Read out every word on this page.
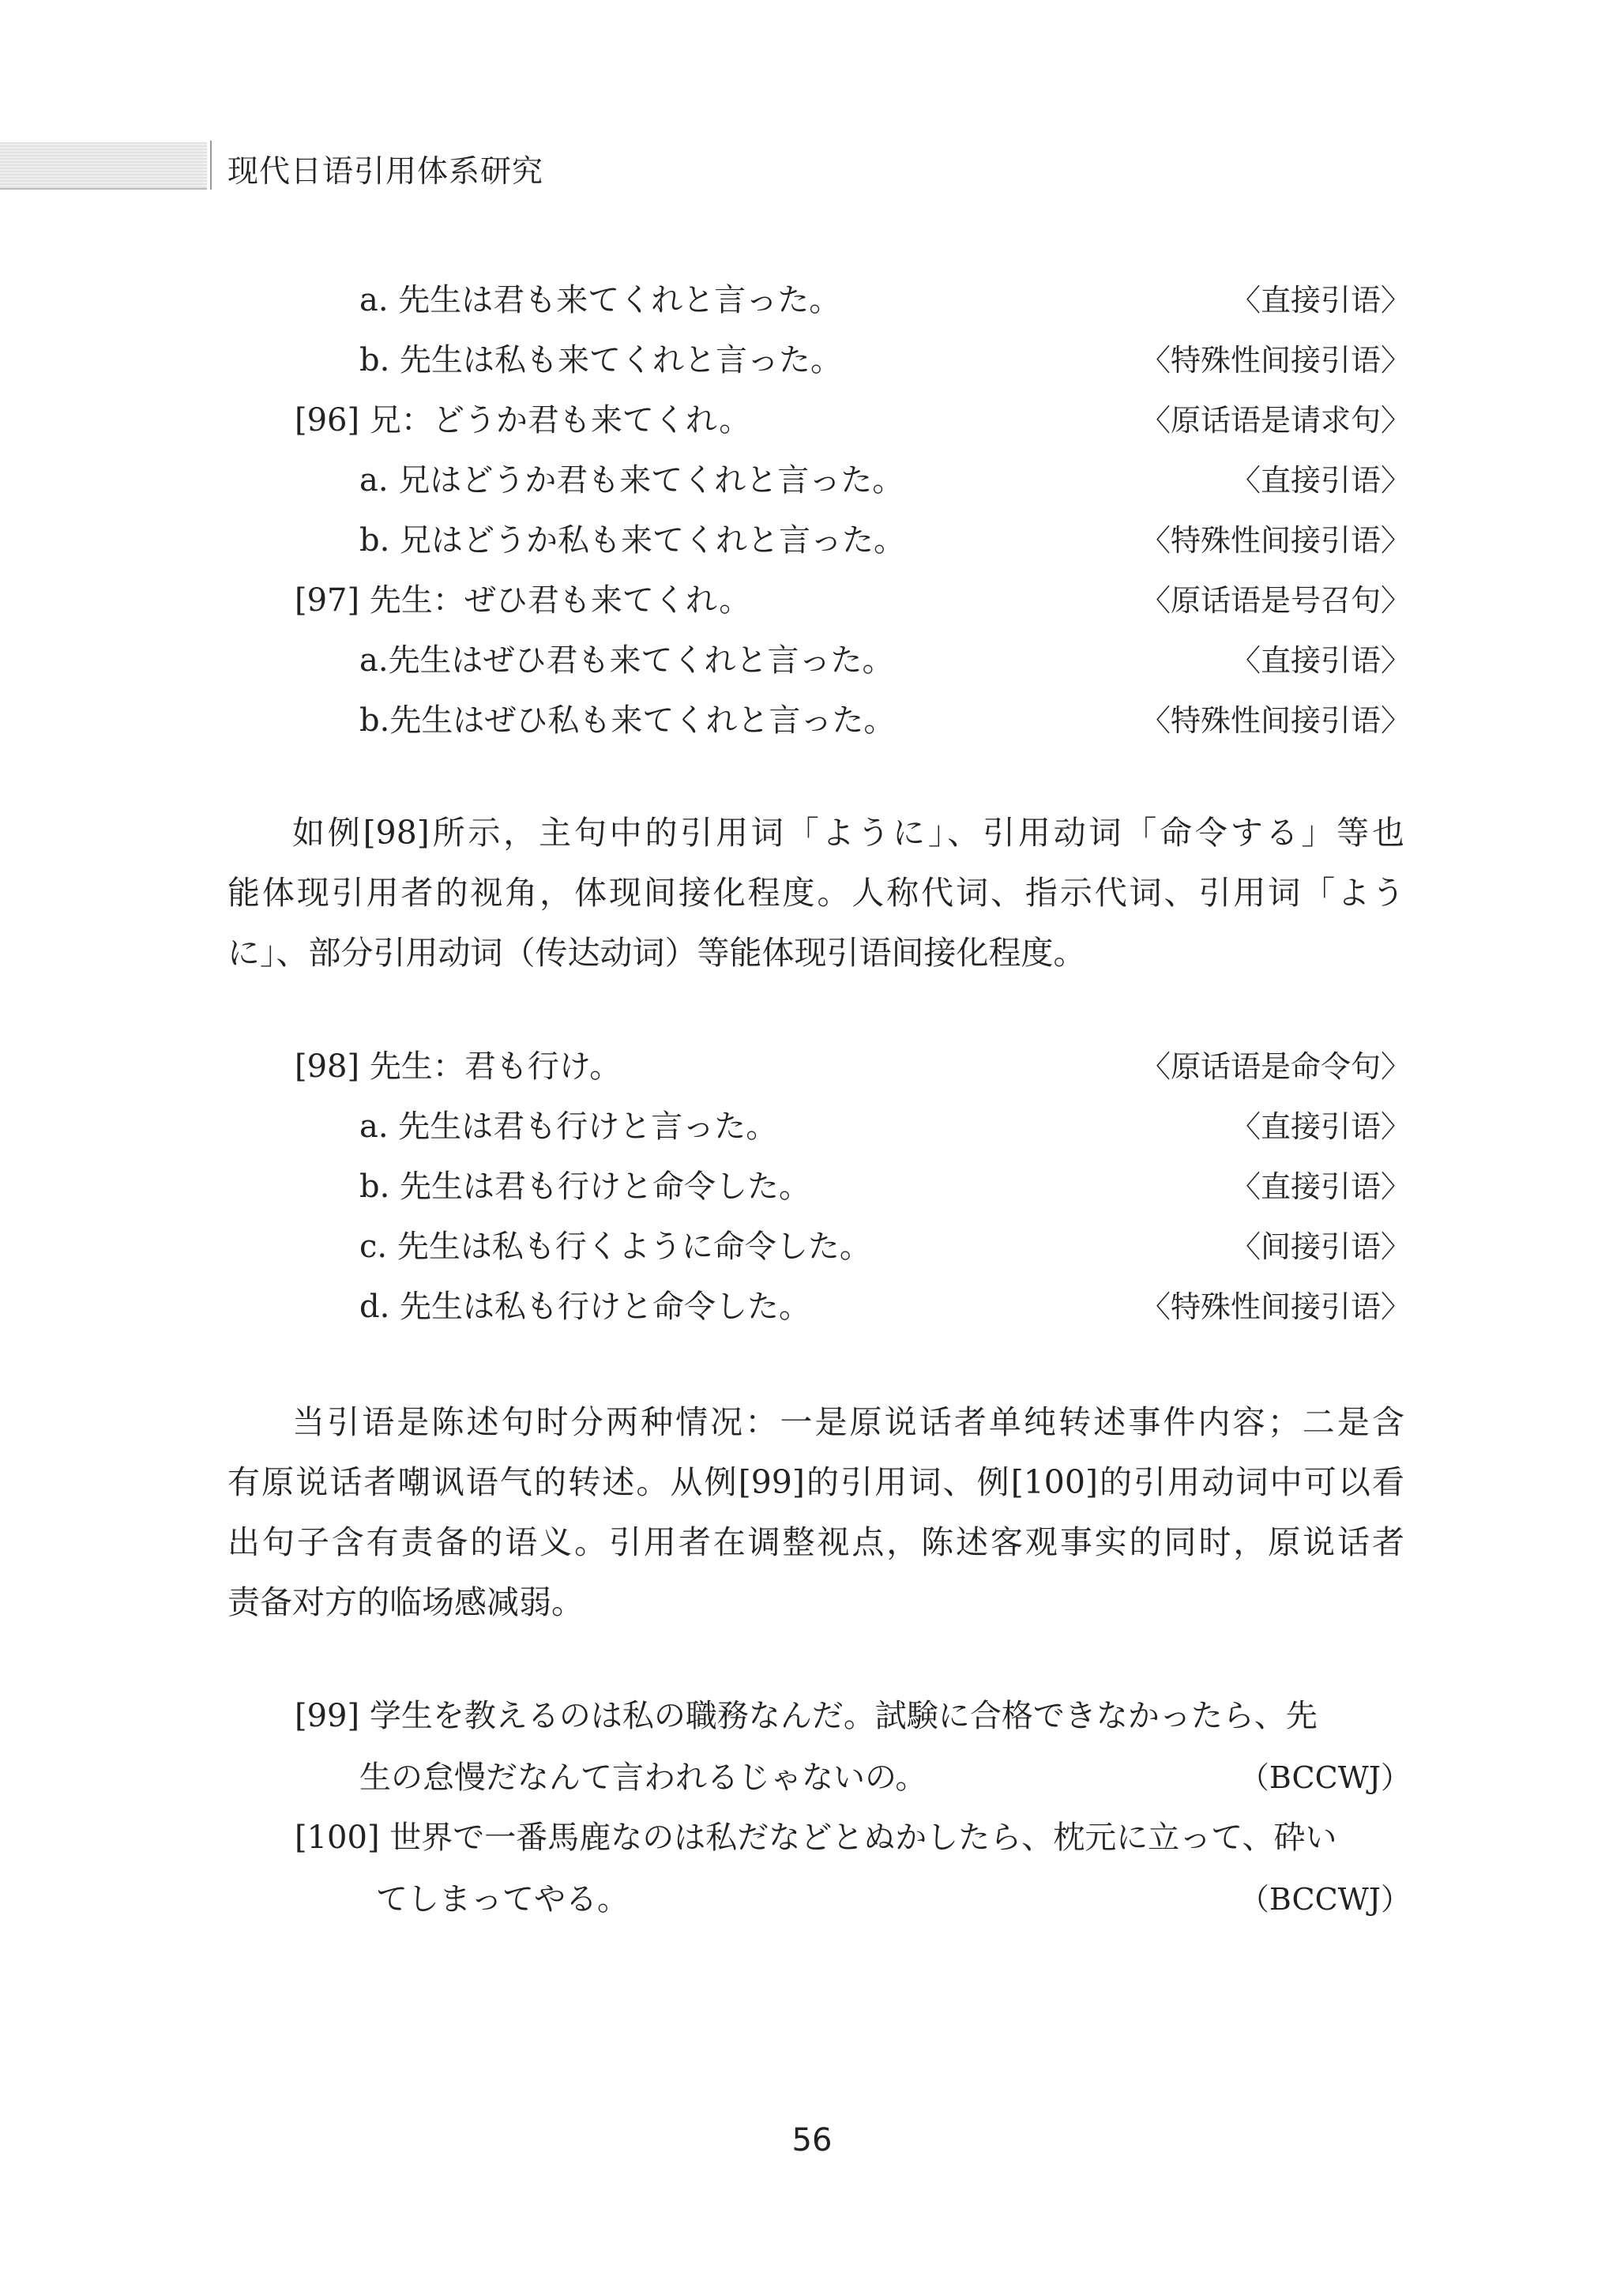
现代日语引用体系研究
a. 先生は君も来てくれと言った。	〈直接引语〉
b. 先生は私も来てくれと言った。	〈特殊性间接引语〉
[96] 兄：どうか君も来てくれ。	〈原话语是请求句〉
a. 兄はどうか君も来てくれと言った。	〈直接引语〉
b. 兄はどうか私も来てくれと言った。	〈特殊性间接引语〉
[97] 先生：ぜひ君も来てくれ。	〈原话语是号召句〉
a.先生はぜひ君も来てくれと言った。	〈直接引语〉
b.先生はぜひ私も来てくれと言った。	〈特殊性间接引语〉
如例[98]所示，主句中的引用词「ように」、引用动词「命令する」等也
能体现引用者的视角，体现间接化程度。人称代词、指示代词、引用词「よう
に」、部分引用动词（传达动词）等能体现引语间接化程度。
[98] 先生：君も行け。	〈原话语是命令句〉
a. 先生は君も行けと言った。	〈直接引语〉
b. 先生は君も行けと命令した。	〈直接引语〉
c. 先生は私も行くように命令した。	〈间接引语〉
d. 先生は私も行けと命令した。	〈特殊性间接引语〉
当引语是陈述句时分两种情况：一是原说话者单纯转述事件内容；二是含
有原说话者嘲讽语气的转述。从例[99]的引用词、例[100]的引用动词中可以看
出句子含有责备的语义。引用者在调整视点，陈述客观事实的同时，原说话者
责备对方的临场感减弱。
[99] 学生を教えるのは私の職務なんだ。試験に合格できなかったら、先
生の怠慢だなんて言われるじゃないの。	（BCCWJ）
[100] 世界で一番馬鹿なのは私だなどとぬかしたら、枕元に立って、砕い
てしまってやる。	（BCCWJ）
56
